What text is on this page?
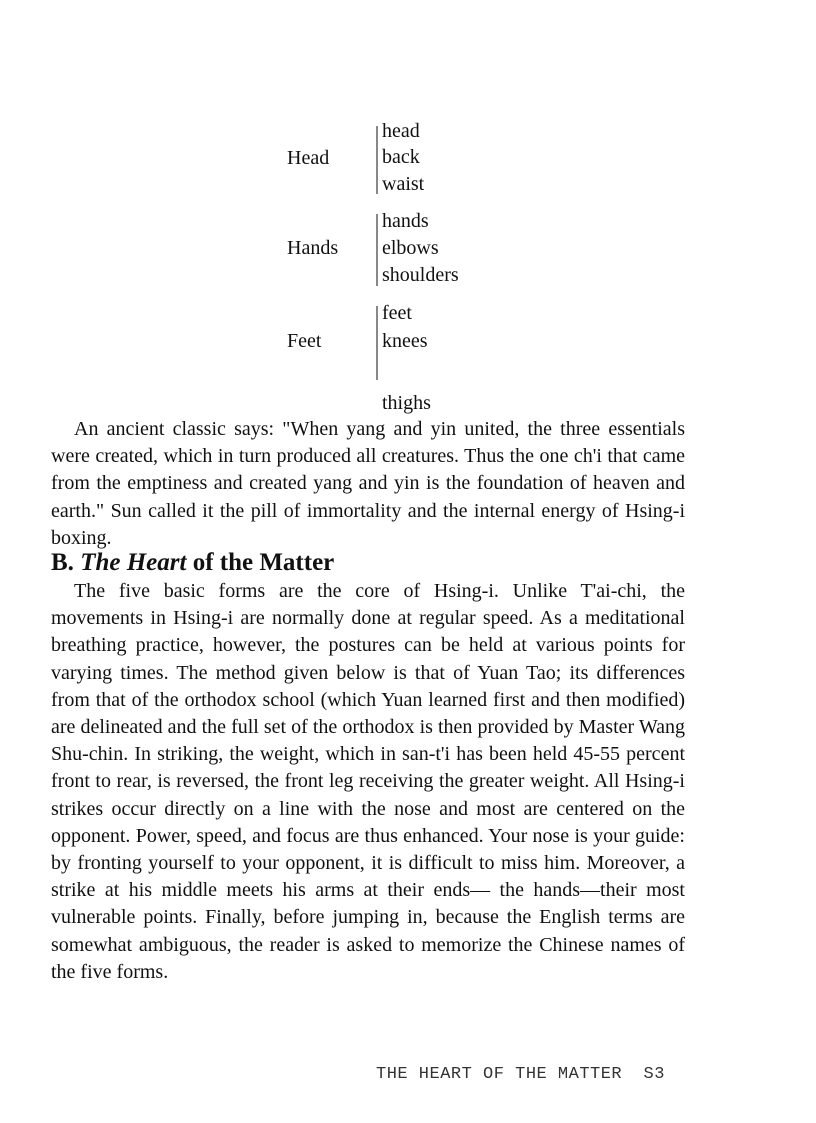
Head
head
back
waist
Hands
hands
elbows
shoulders
Feet
feet
knees
thighs

An ancient classic says: "When yang and yin united, the three essentials were created, which in turn produced all creatures. Thus the one ch'i that came from the emptiness and created yang and yin is the foundation of heaven and earth." Sun called it the pill of immortality and the internal energy of Hsing-i boxing.

B. The Heart of the Matter

The five basic forms are the core of Hsing-i. Unlike T'ai-chi, the movements in Hsing-i are normally done at regular speed. As a meditational breathing practice, however, the postures can be held at various points for varying times. The method given below is that of Yuan Tao; its differences from that of the orthodox school (which Yuan learned first and then modified) are delineated and the full set of the orthodox is then provided by Master Wang Shu-chin. In striking, the weight, which in san-t'i has been held 45-55 percent front to rear, is reversed, the front leg receiving the greater weight. All Hsing-i strikes occur directly on a line with the nose and most are centered on the opponent. Power, speed, and focus are thus enhanced. Your nose is your guide: by fronting yourself to your opponent, it is difficult to miss him. Moreover, a strike at his middle meets his arms at their ends— the hands—their most vulnerable points. Finally, before jumping in, because the English terms are somewhat ambiguous, the reader is asked to memorize the Chinese names of the five forms.

THE HEART OF THE MATTER S3
